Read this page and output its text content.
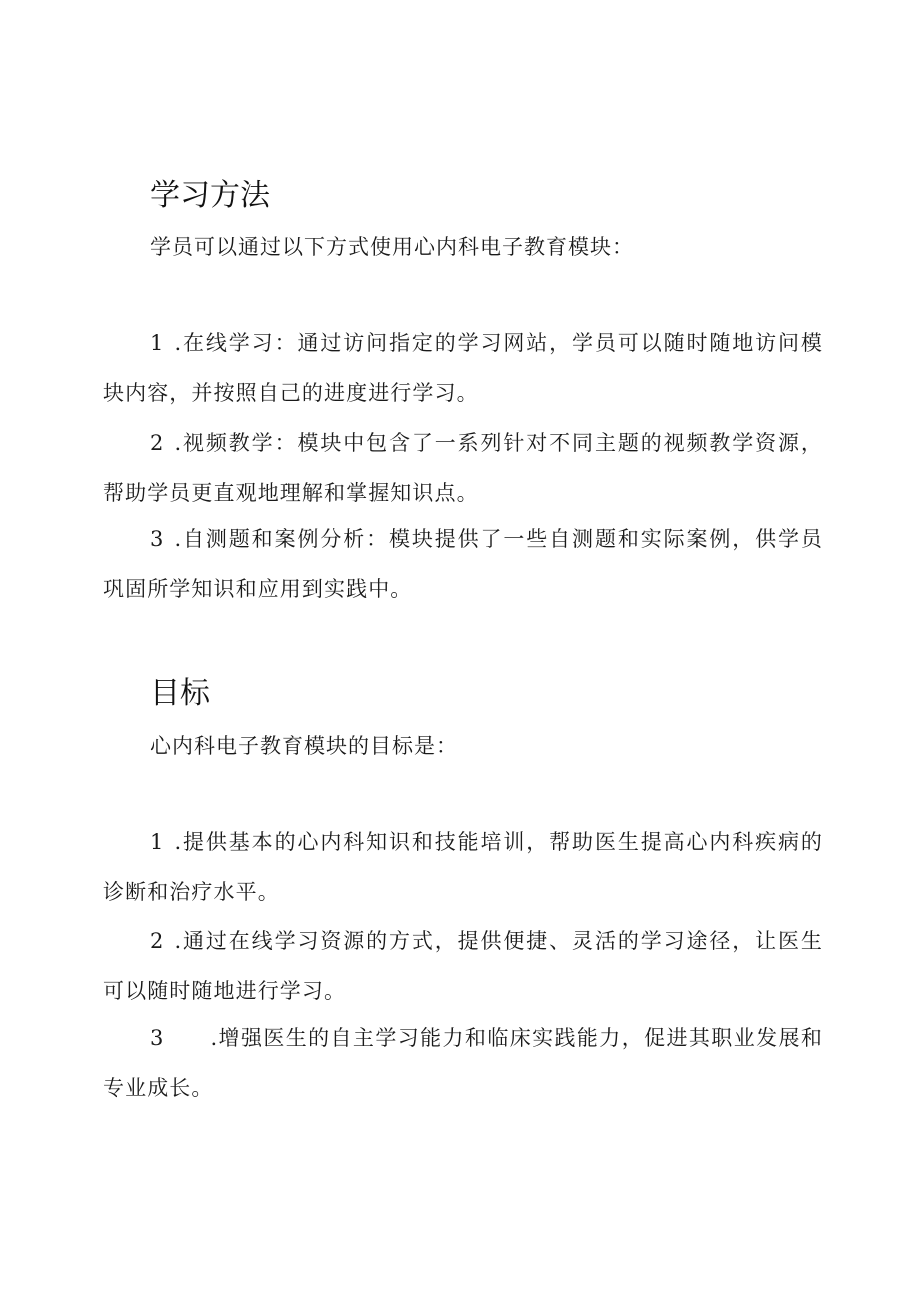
学习方法

学员可以通过以下方式使用心内科电子教育模块：

1 .在线学习：通过访问指定的学习网站，学员可以随时随地访问模块内容，并按照自己的进度进行学习。

2 .视频教学：模块中包含了一系列针对不同主题的视频教学资源，帮助学员更直观地理解和掌握知识点。

3 .自测题和案例分析：模块提供了一些自测题和实际案例，供学员巩固所学知识和应用到实践中。

目标

心内科电子教育模块的目标是：

1 .提供基本的心内科知识和技能培训，帮助医生提高心内科疾病的诊断和治疗水平。

2 .通过在线学习资源的方式，提供便捷、灵活的学习途径，让医生可以随时随地进行学习。

3 .增强医生的自主学习能力和临床实践能力，促进其职业发展和专业成长。
